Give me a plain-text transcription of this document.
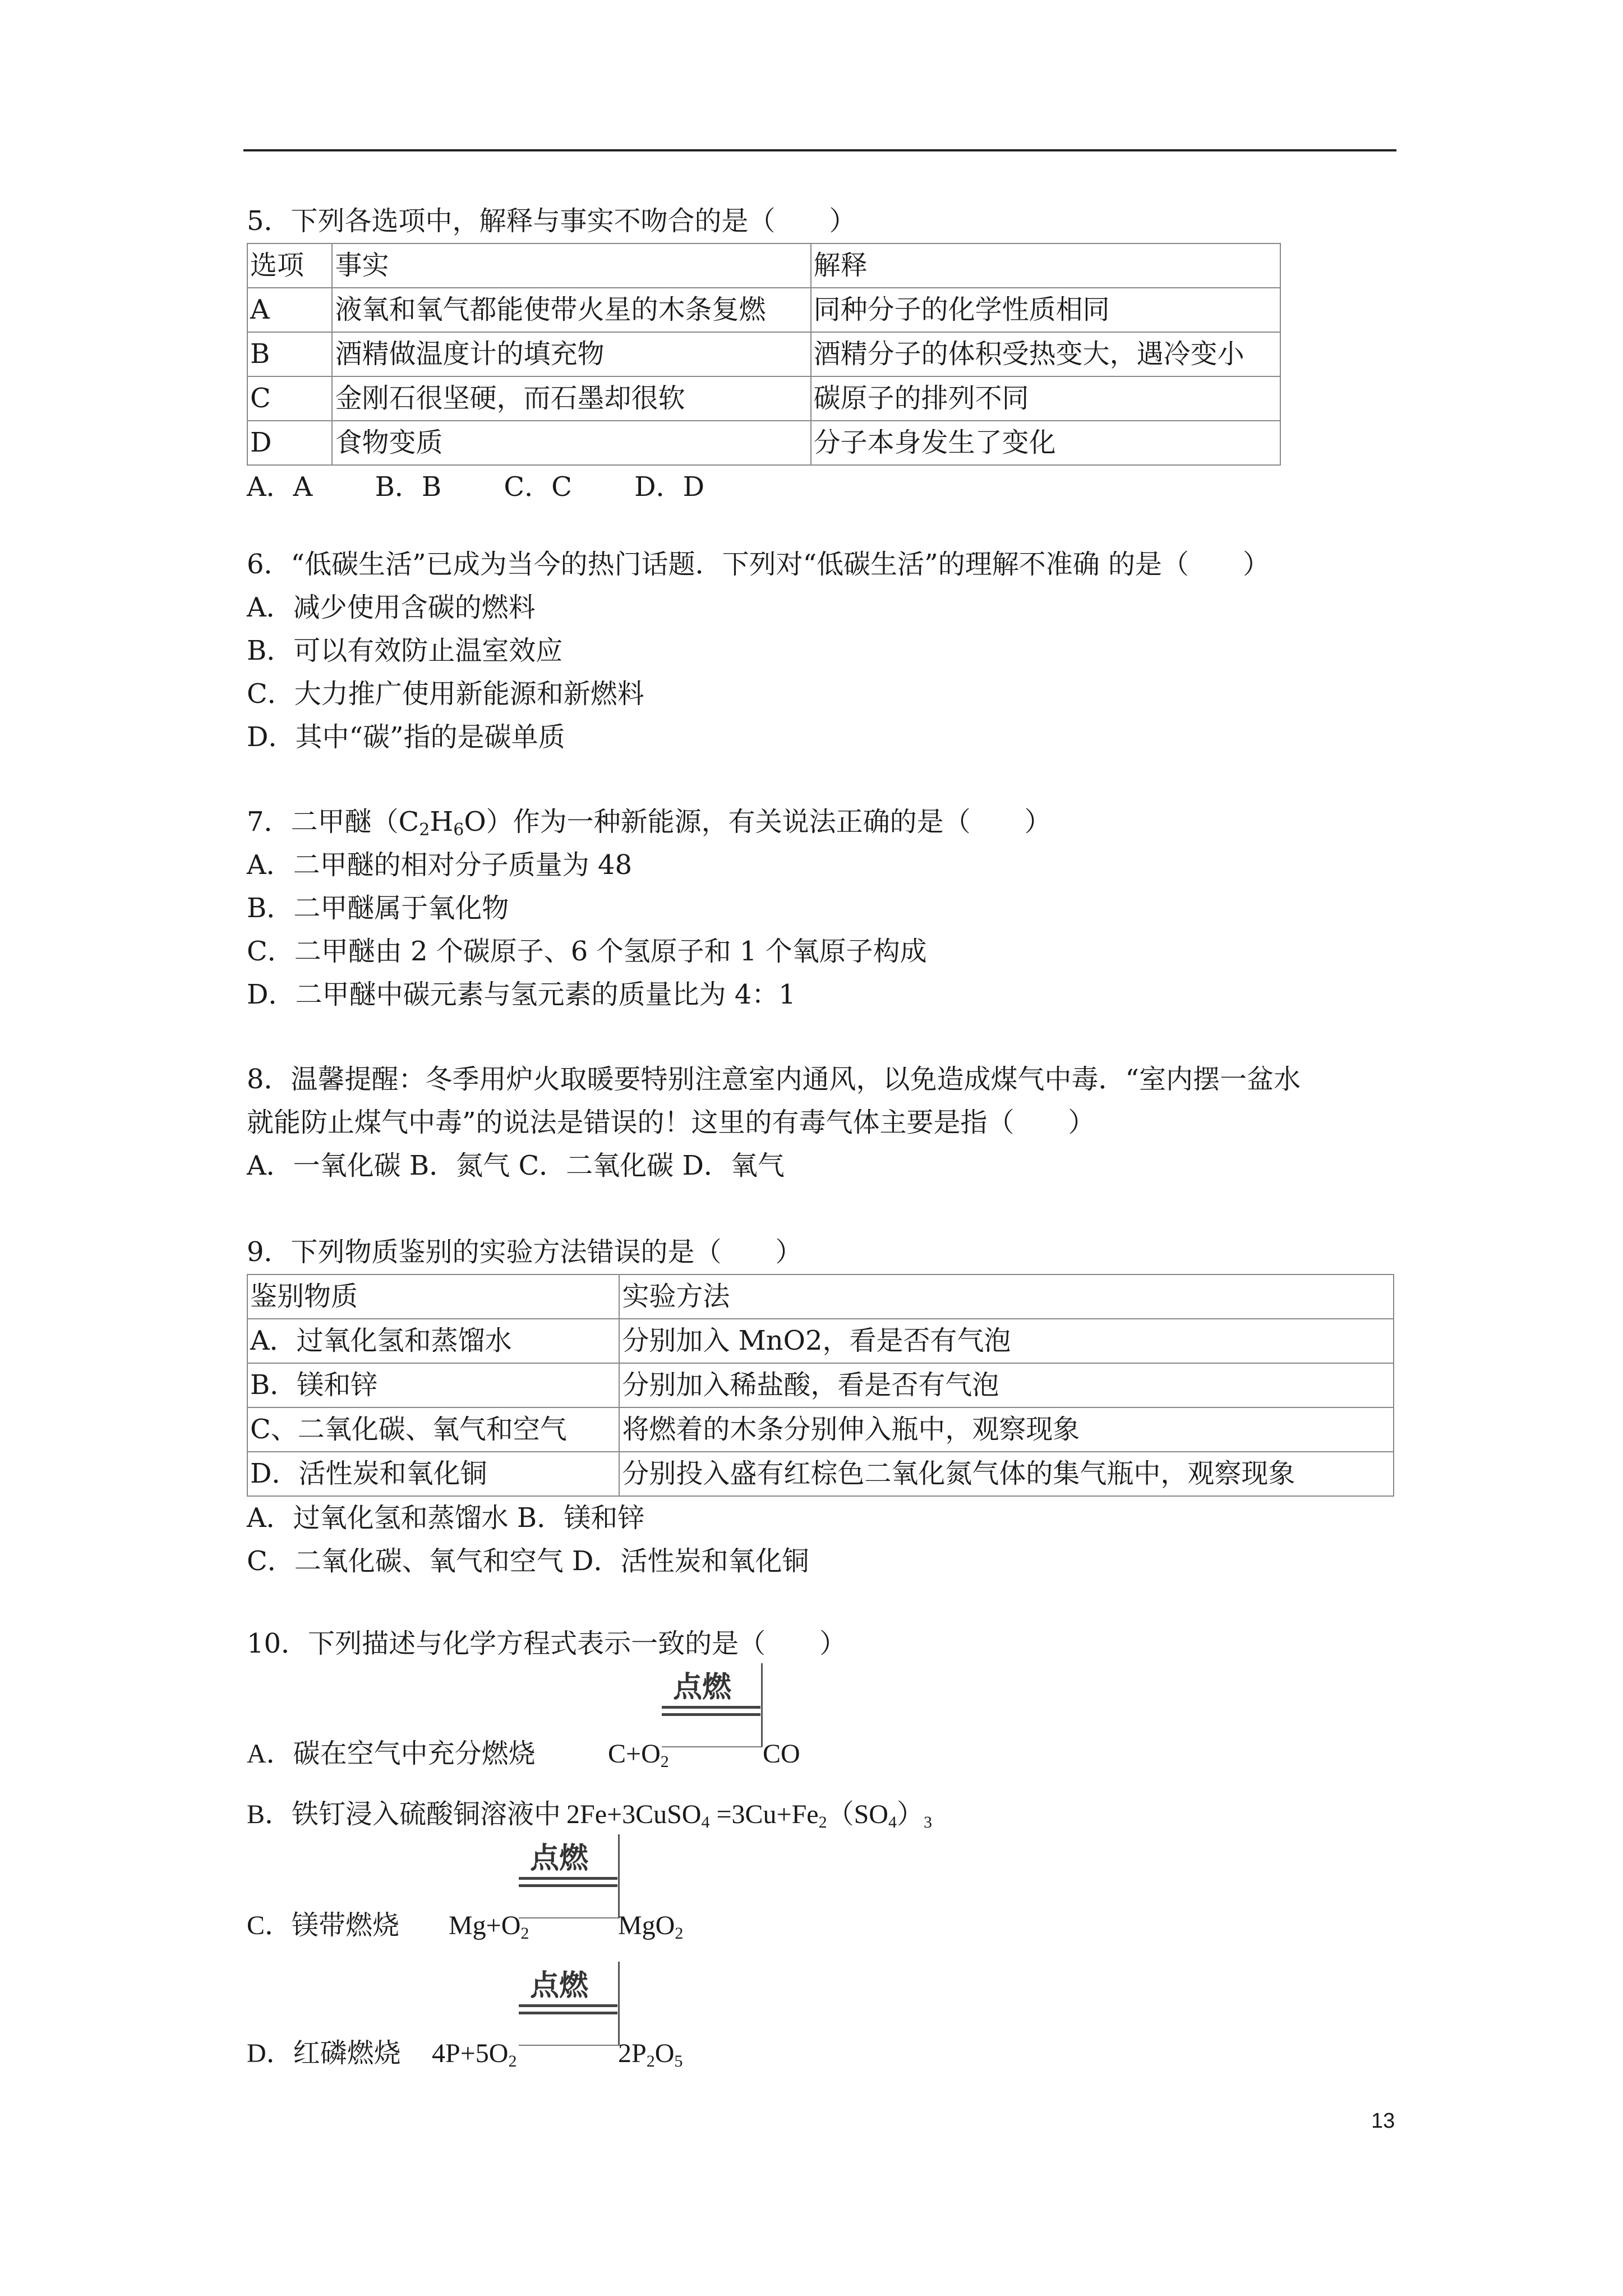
5．下列各选项中，解释与事实不吻合的是（　　）
选项	事实	解释
A	液氧和氧气都能使带火星的木条复燃	同种分子的化学性质相同
B	酒精做温度计的填充物	酒精分子的体积受热变大，遇冷变小
C	金刚石很坚硬，而石墨却很软	碳原子的排列不同
D	食物变质	分子本身发生了变化
A．A　　 B．B　　 C．C　　 D．D
6．“低碳生活”已成为当今的热门话题．下列对“低碳生活”的理解不准确 的是（　　）
A．减少使用含碳的燃料
B．可以有效防止温室效应
C．大力推广使用新能源和新燃料
D．其中“碳”指的是碳单质
7．二甲醚$(C_2H_6O)$作为一种新能源，有关说法正确的是（　　）
A．二甲醚的相对分子质量为 48
B．二甲醚属于氧化物
C．二甲醚由 2 个碳原子、6 个氢原子和 1 个氧原子构成
D．二甲醚中碳元素与氢元素的质量比为 4：1
8．温馨提醒：冬季用炉火取暖要特别注意室内通风，以免造成煤气中毒．“室内摆一盆水
就能防止煤气中毒”的说法是错误的！这里的有毒气体主要是指（　　）
A．一氧化碳 B．氮气 C．二氧化碳 D．氧气
9．下列物质鉴别的实验方法错误的是（　　）
鉴别物质	实验方法
A．过氧化氢和蒸馏水	分别加入 MnO2，看是否有气泡
B．镁和锌	分别加入稀盐酸，看是否有气泡
C、二氧化碳、氧气和空气	将燃着的木条分别伸入瓶中，观察现象
D．活性炭和氧化铜	分别投入盛有红棕色二氧化氮气体的集气瓶中，观察现象
A．过氧化氢和蒸馏水 B．镁和锌
C．二氧化碳、氧气和空气 D．活性炭和氧化铜
10．下列描述与化学方程式表示一致的是（　　）
点燃
A．碳在空气中充分燃烧	$C+O_2$	CO
B．铁钉浸入硫酸铜溶液中 2Fe+3CuSO$_4$ $=3Cu+Fe_2(SO_4)_3$
点燃
C．镁带燃烧 $Mg+O_2$	MgO$_2$
点燃
D．红磷燃烧 $4P+5O_2$	$2P_2O_5$
13
